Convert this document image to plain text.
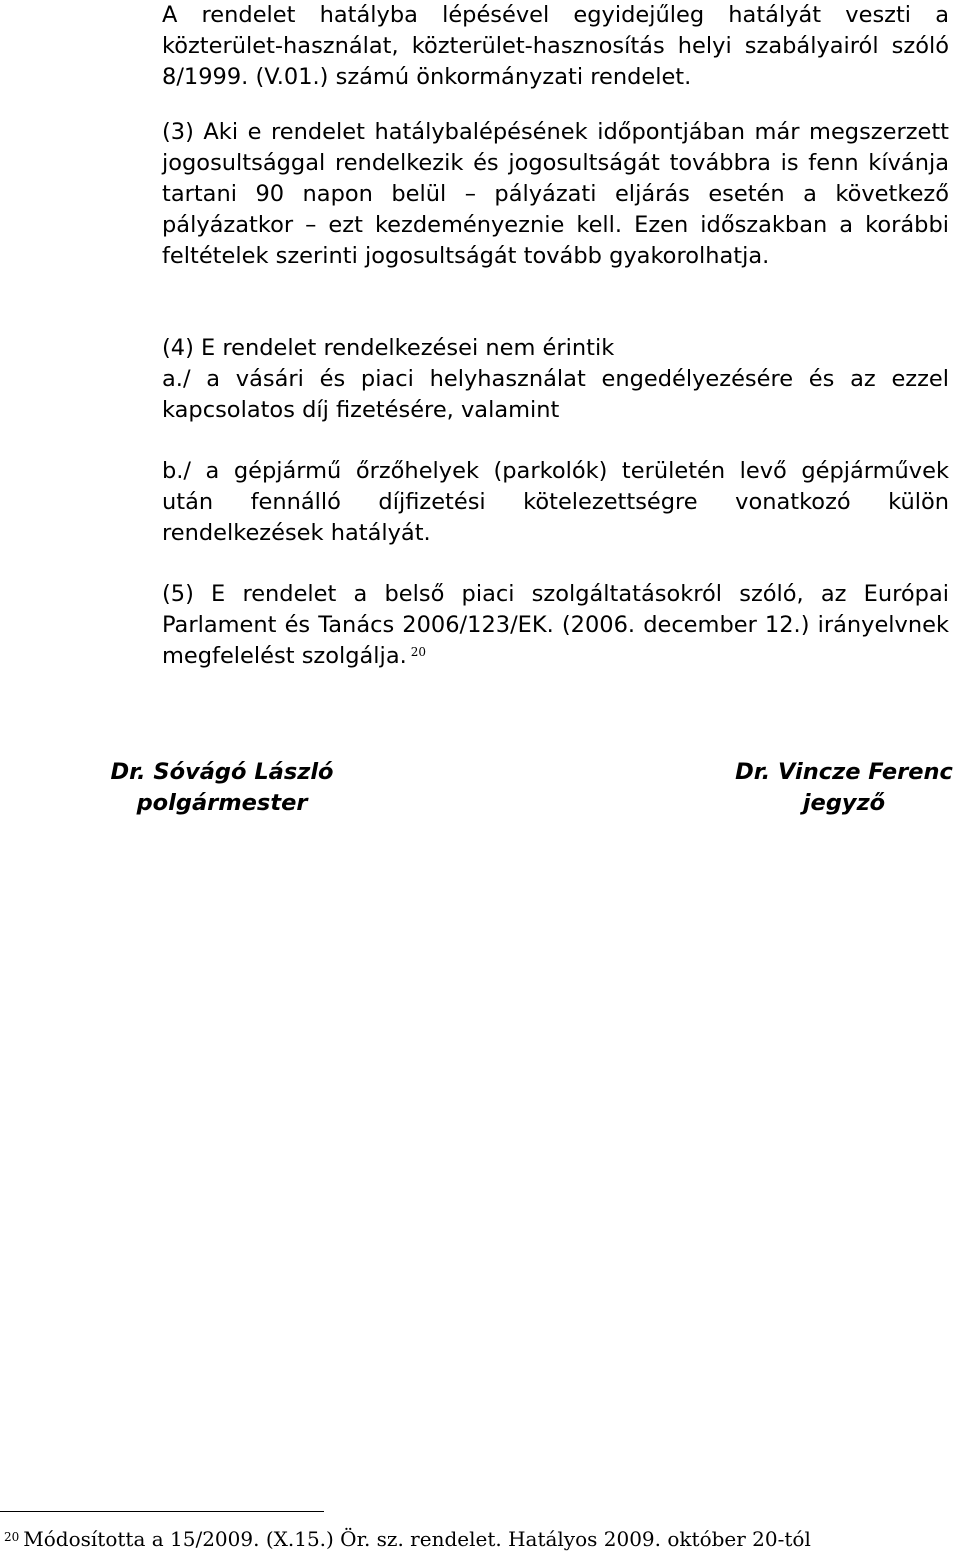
A rendelet hatályba lépésével egyidejűleg hatályát veszti a közterület-használat, közterület-hasznosítás helyi szabályairól szóló 8/1999. (V.01.) számú önkormányzati rendelet.

(3) Aki e rendelet hatálybalépésének időpontjában már megszerzett jogosultsággal rendelkezik és jogosultságát továbbra is fenn kívánja tartani 90 napon belül – pályázati eljárás esetén a következő pályázatkor – ezt kezdeményeznie kell. Ezen időszakban a korábbi feltételek szerinti jogosultságát tovább gyakorolhatja.

(4) E rendelet rendelkezései nem érintik

a./ a vásári és piaci helyhasználat engedélyezésére és az ezzel kapcsolatos díj fizetésére, valamint

b./ a gépjármű őrzőhelyek (parkolók) területén levő gépjárművek után fennálló díjfizetési kötelezettségre vonatkozó külön rendelkezések hatályát.

(5) E rendelet a belső piaci szolgáltatásokról szóló, az Európai Parlament és Tanács 2006/123/EK. (2006. december 12.) irányelvnek megfelelést szolgálja. $^{20}$

Dr. Sóvágó László
polgármester
Dr. Vincze Ferenc
jegyző
$^{20}$ Módosította a 15/2009. (X.15.) Ör. sz. rendelet. Hatályos 2009. október 20-tól
